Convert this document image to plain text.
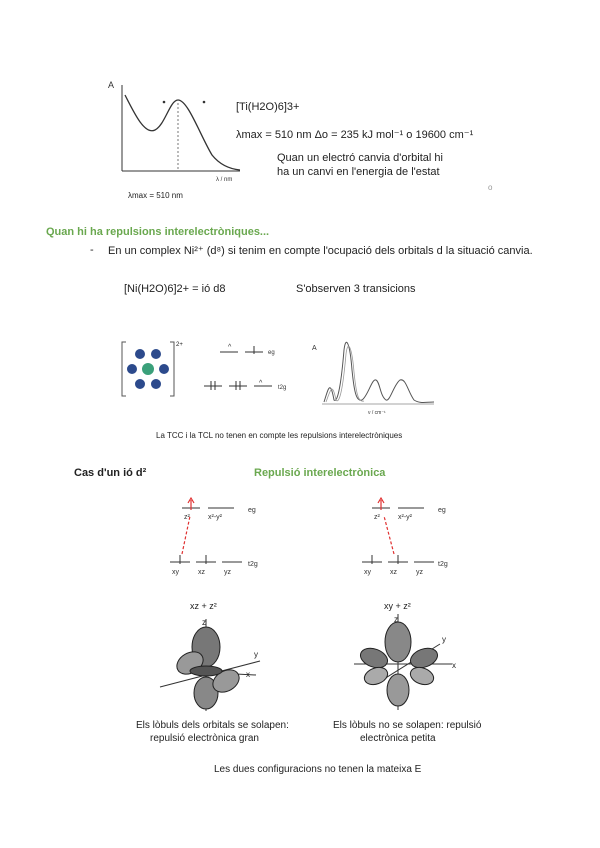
A
λ / nm
λmax = 510 nm
[Ti(H2O)6]3+
λmax = 510 nm Δo = 235 kJ mol⁻¹ o 19600 cm⁻¹
Quan un electró canvia d'orbital hi
ha un canvi en l'energia de l'estat
o
Quan hi ha repulsions interelectròniques...
- En un complex Ni²⁺ (d⁸) si tenim en compte l'ocupació dels orbitals d la situació canvia.
[Ni(H2O)6]2+ = ió d8	S'observen 3 transicions
2+	^
^
eg
t2g
A
ν / cm⁻¹
La TCC i la TCL no tenen en compte les repulsions interelectròniques
Cas d'un ió d²	Repulsió interelectrònica
z²	x²-y²
eg
xy	xz	yz
t2g
z²	x²-y²
eg
xy	xz	yz
t2g
xz + z²	xy + z²
z
y
x
z
y
x
Els lòbuls dels orbitals se solapen:
repulsió electrònica gran
Els lòbuls no se solapen: repulsió
electrònica petita
Les dues configuracions no tenen la mateixa E
